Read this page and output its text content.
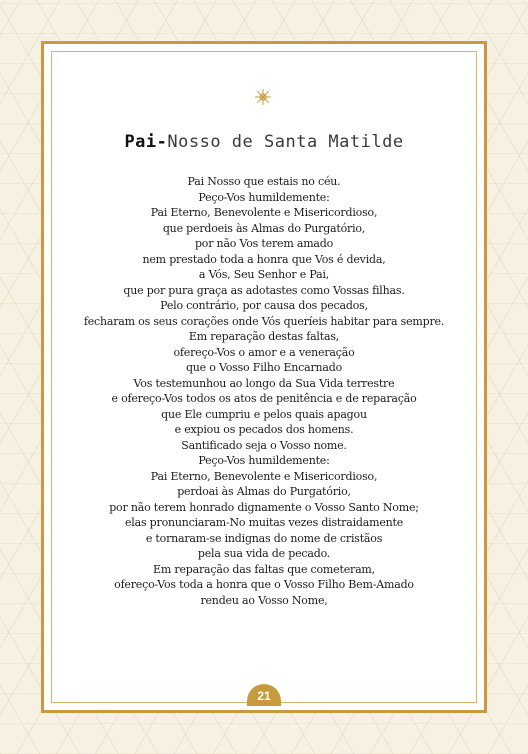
Pai-Nosso de Santa Matilde
Pai Nosso que estais no céu.
Peço-Vos humildemente:
Pai Eterno, Benevolente e Misericordioso,
que perdoeis às Almas do Purgatório,
por não Vos terem amado
nem prestado toda a honra que Vos é devida,
a Vós, Seu Senhor e Pai,
que por pura graça as adotastes como Vossas filhas.
Pelo contrário, por causa dos pecados,
fecharam os seus corações onde Vós queríeis habitar para sempre.
Em reparação destas faltas,
ofereço-Vos o amor e a veneração
que o Vosso Filho Encarnado
Vos testemunhou ao longo da Sua Vida terrestre
e ofereço-Vos todos os atos de penitência e de reparação
que Ele cumpriu e pelos quais apagou
e expiou os pecados dos homens.
Santificado seja o Vosso nome.
Peço-Vos humildemente:
Pai Eterno, Benevolente e Misericordioso,
perdoai às Almas do Purgatório,
por não terem honrado dignamente o Vosso Santo Nome;
elas pronunciaram-No muitas vezes distraidamente
e tornaram-se indignas do nome de cristãos
pela sua vida de pecado.
Em reparação das faltas que cometeram,
ofereço-Vos toda a honra que o Vosso Filho Bem-Amado
rendeu ao Vosso Nome,
21
